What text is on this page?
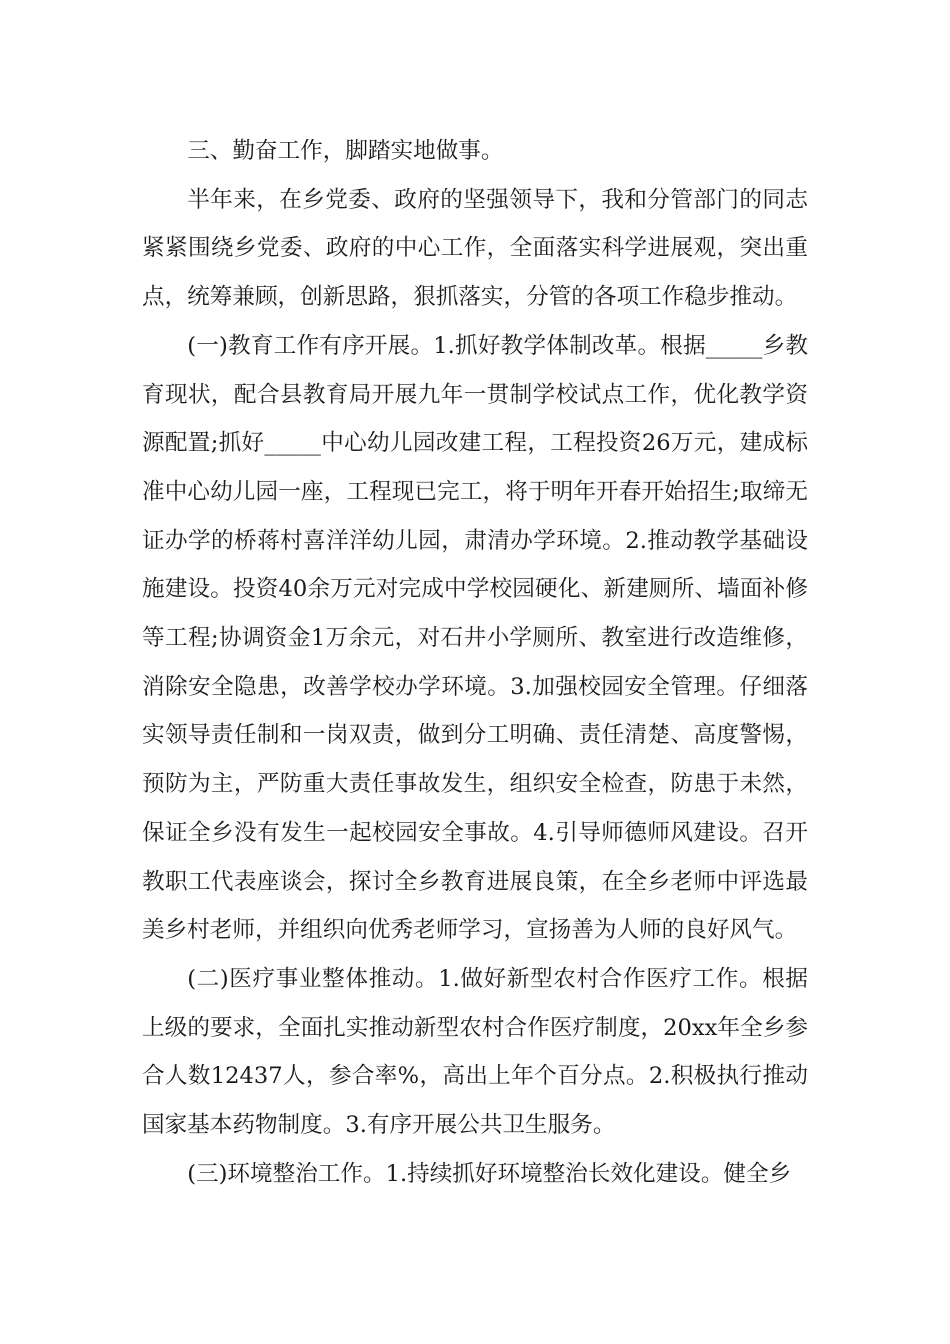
三、勤奋工作，脚踏实地做事。

半年来，在乡党委、政府的坚强领导下，我和分管部门的同志紧紧围绕乡党委、政府的中心工作，全面落实科学进展观，突出重点，统筹兼顾，创新思路，狠抓落实，分管的各项工作稳步推动。

(一)教育工作有序开展。1.抓好教学体制改革。根据_____乡教育现状，配合县教育局开展九年一贯制学校试点工作，优化教学资源配置;抓好_____中心幼儿园改建工程，工程投资26万元，建成标准中心幼儿园一座，工程现已完工，将于明年开春开始招生;取缔无证办学的桥蒋村喜洋洋幼儿园，肃清办学环境。2.推动教学基础设施建设。投资40余万元对完成中学校园硬化、新建厕所、墙面补修等工程;协调资金1万余元，对石井小学厕所、教室进行改造维修，消除安全隐患，改善学校办学环境。3.加强校园安全管理。仔细落实领导责任制和一岗双责，做到分工明确、责任清楚、高度警惕，预防为主，严防重大责任事故发生，组织安全检查，防患于未然，保证全乡没有发生一起校园安全事故。4.引导师德师风建设。召开教职工代表座谈会，探讨全乡教育进展良策，在全乡老师中评选最美乡村老师，并组织向优秀老师学习，宣扬善为人师的良好风气。

(二)医疗事业整体推动。1.做好新型农村合作医疗工作。根据上级的要求，全面扎实推动新型农村合作医疗制度，20xx年全乡参合人数12437人，参合率%，高出上年个百分点。2.积极执行推动国家基本药物制度。3.有序开展公共卫生服务。

(三)环境整治工作。1.持续抓好环境整治长效化建设。健全乡
